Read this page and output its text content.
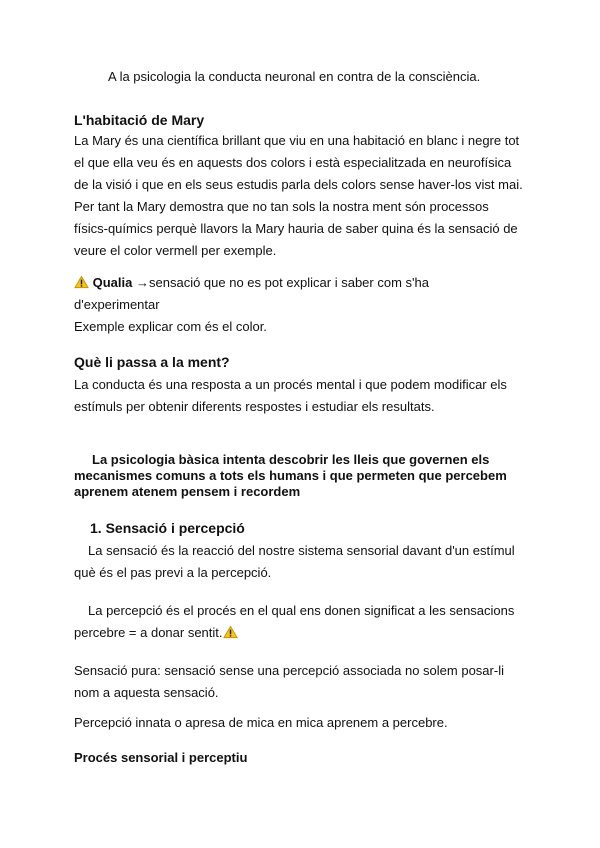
A la psicologia la conducta neuronal en contra de la consciència.

L'habitació de Mary

La Mary és una científica brillant que viu en una habitació en blanc i negre tot
el que ella veu és en aquests dos colors i està especialitzada en neurofísica
de la visió i que en els seus estudis parla dels colors sense haver-los vist mai.
Per tant la Mary demostra que no tan sols la nostra ment són processos
físics-químics perquè llavors la Mary hauria de saber quina és la sensació de
veure el color vermell per exemple.
Qualia →sensació que no es pot explicar i saber com s'ha
d'experimentar
Exemple explicar com és el color.

Què li passa a la ment?

La conducta és una resposta a un procés mental i que podem modificar els
estímuls per obtenir diferents respostes i estudiar els resultats.
La psicologia bàsica intenta descobrir les lleis que governen els
mecanismes comuns a tots els humans i que permeten que percebem
aprenem atenem pensem i recordem

1. Sensació i percepció

La sensació és la reacció del nostre sistema sensorial davant d'un estímul
què és el pas previ a la percepció.
La percepció és el procés en el qual ens donen significat a les sensacions
percebre = a donar sentit.
Sensació pura: sensació sense una percepció associada no solem posar-li
nom a aquesta sensació.

Percepció innata o apresa de mica en mica aprenem a percebre.

Procés sensorial i perceptiu
